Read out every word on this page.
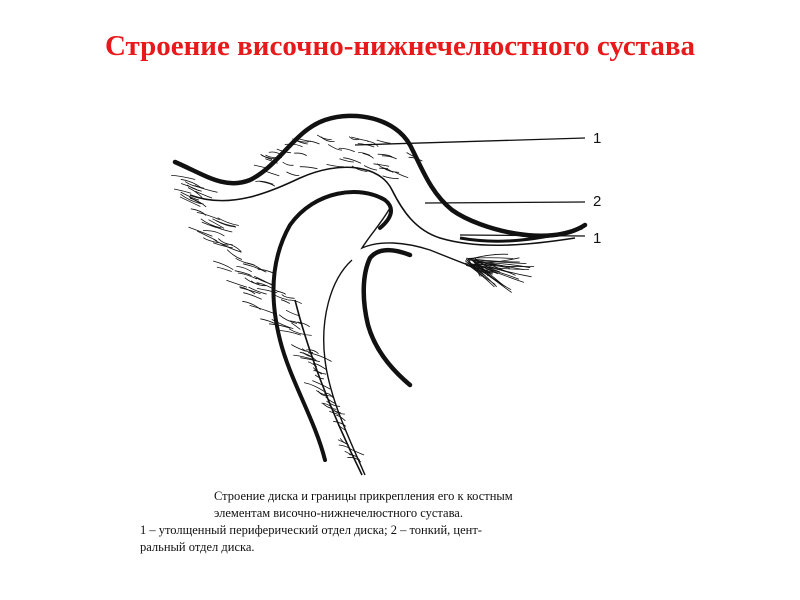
Строение височно-нижнечелюстного сустава
1
2
1
Строение диска и границы прикрепления его к костным
элементам височно-нижнечелюстного сустава.
1 – утолщенный периферический отдел диска; 2 – тонкий, цент-
ральный отдел диска.
